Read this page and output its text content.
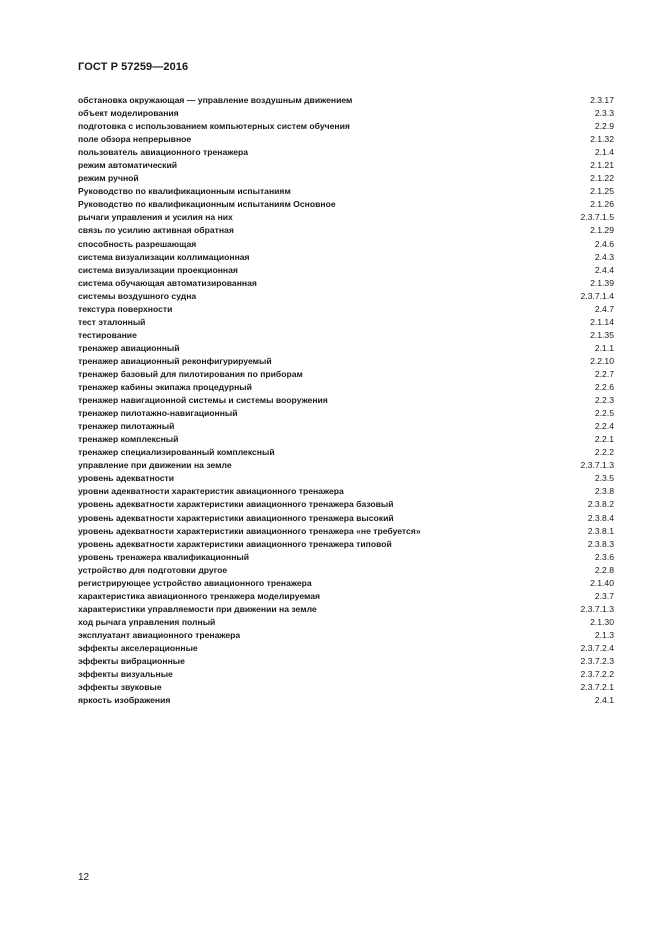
ГОСТ Р 57259—2016
обстановка окружающая — управление воздушным движением	2.3.17
объект моделирования	2.3.3
подготовка с использованием компьютерных систем обучения	2.2.9
поле обзора непрерывное	2.1.32
пользователь авиационного тренажера	2.1.4
режим автоматический	2.1.21
режим ручной	2.1.22
Руководство по квалификационным испытаниям	2.1.25
Руководство по квалификационным испытаниям Основное	2.1.26
рычаги управления и усилия на них	2.3.7.1.5
связь по усилию активная обратная	2.1.29
способность разрешающая	2.4.6
система визуализации коллимационная	2.4.3
система визуализации проекционная	2.4.4
система обучающая автоматизированная	2.1.39
системы воздушного судна	2.3.7.1.4
текстура поверхности	2.4.7
тест эталонный	2.1.14
тестирование	2.1.35
тренажер авиационный	2.1.1
тренажер авиационный реконфигурируемый	2.2.10
тренажер базовый для пилотирования по приборам	2.2.7
тренажер кабины экипажа процедурный	2.2.6
тренажер навигационной системы и системы вооружения	2.2.3
тренажер пилотажно-навигационный	2.2.5
тренажер пилотажный	2.2.4
тренажер комплексный	2.2.1
тренажер специализированный комплексный	2.2.2
управление при движении на земле	2.3.7.1.3
уровень адекватности	2.3.5
уровни адекватности характеристик авиационного тренажера	2.3.8
уровень адекватности характеристики авиационного тренажера базовый	2.3.8.2
уровень адекватности характеристики авиационного тренажера высокий	2.3.8.4
уровень адекватности характеристики авиационного тренажера «не требуется»	2.3.8.1
уровень адекватности характеристики авиационного тренажера типовой	2.3.8.3
уровень тренажера квалификационный	2.3.6
устройство для подготовки другое	2.2.8
регистрирующее устройство авиационного тренажера	2.1.40
характеристика авиационного тренажера моделируемая	2.3.7
характеристики управляемости при движении на земле	2.3.7.1.3
ход рычага управления полный	2.1.30
эксплуатант авиационного тренажера	2.1.3
эффекты акселерационные	2.3.7.2.4
эффекты вибрационные	2.3.7.2.3
эффекты визуальные	2.3.7.2.2
эффекты звуковые	2.3.7.2.1
яркость изображения	2.4.1
12
